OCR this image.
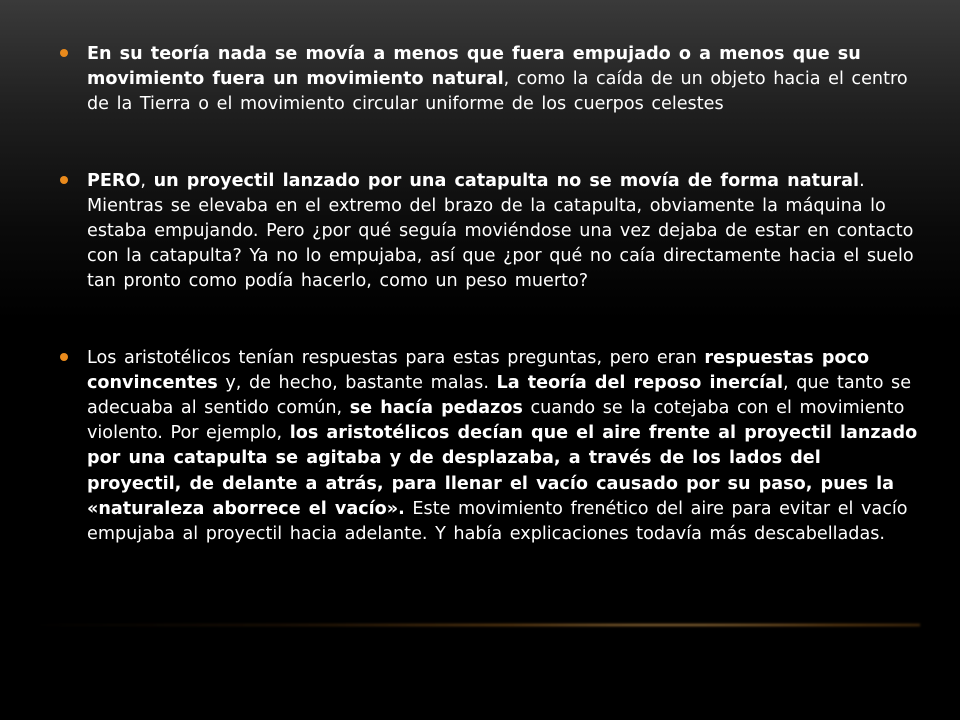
En su teoría nada se movía a menos que fuera empujado o a menos que su movimiento fuera un movimiento natural, como la caída de un objeto hacia el centro de la Tierra o el movimiento circular uniforme de los cuerpos celestes
PERO, un proyectil lanzado por una catapulta no se movía de forma natural. Mientras se elevaba en el extremo del brazo de la catapulta, obviamente la máquina lo estaba empujando. Pero ¿por qué seguía moviéndose una vez dejaba de estar en contacto con la catapulta? Ya no lo empujaba, así que ¿por qué no caía directamente hacia el suelo tan pronto como podía hacerlo, como un peso muerto?
Los aristotélicos tenían respuestas para estas preguntas, pero eran respuestas poco convincentes y, de hecho, bastante malas. La teoría del reposo inercíal, que tanto se adecuaba al sentido común, se hacía pedazos cuando se la cotejaba con el movimiento violento. Por ejemplo, los aristotélicos decían que el aire frente al proyectil lanzado por una catapulta se agitaba y de desplazaba, a través de los lados del proyectil, de delante a atrás, para llenar el vacío causado por su paso, pues la «naturaleza aborrece el vacío». Este movimiento frenético del aire para evitar el vacío empujaba al proyectil hacia adelante. Y había explicaciones todavía más descabelladas.
